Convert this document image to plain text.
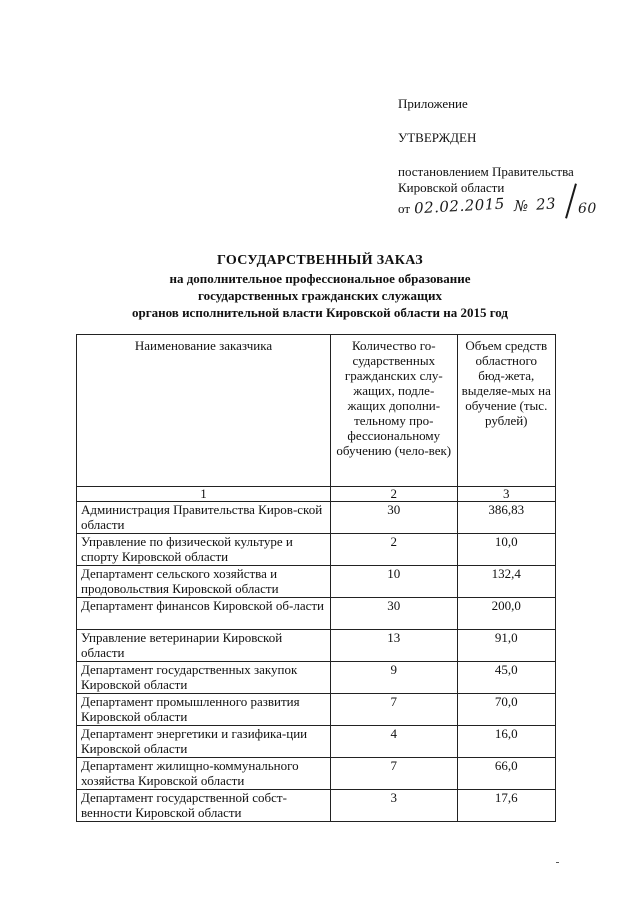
Приложение
УТВЕРЖДЕН
постановлением Правительства
Кировской области
от 02.02.2015 № 23 60
ГОСУДАРСТВЕННЫЙ ЗАКАЗ
на дополнительное профессиональное образование
государственных гражданских служащих
органов исполнительной власти Кировской области на 2015 год
Наименование заказчика	Количество го-сударственных гражданских слу-жащих, подле-жащих дополни-тельному про-фессиональному обучению (чело-век)	Объем средств областного бюд-жета, выделяе-мых на обучение (тыс. рублей)
1	2	3
Администрация Правительства Киров-ской области	30	386,83
Управление по физической культуре и спорту Кировской области	2	10,0
Департамент сельского хозяйства и продовольствия Кировской области	10	132,4
Департамент финансов Кировской об-ласти	30	200,0
Управление ветеринарии Кировской области	13	91,0
Департамент государственных закупок Кировской области	9	45,0
Департамент промышленного развития Кировской области	7	70,0
Департамент энергетики и газифика-ции Кировской области	4	16,0
Департамент жилищно-коммунального хозяйства Кировской области	7	66,0
Департамент государственной собст-венности Кировской области	3	17,6
